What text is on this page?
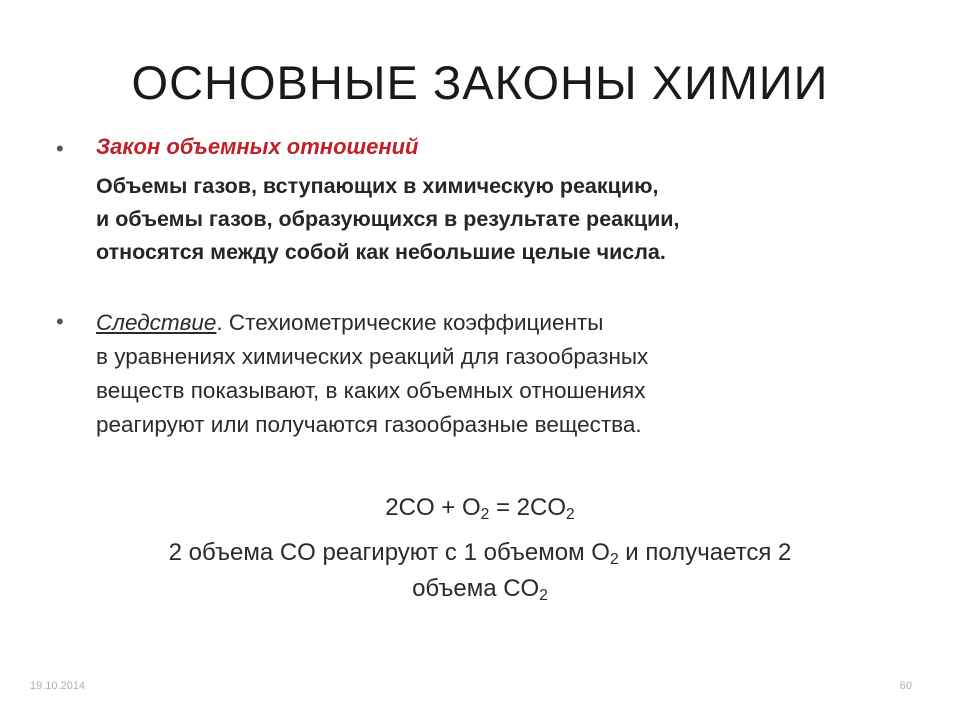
ОСНОВНЫЕ ЗАКОНЫ ХИМИИ
• Закон объемных отношений
Объемы газов, вступающих в химическую реакцию,
и объемы газов, образующихся в результате реакции,
относятся между собой как небольшие целые числа.
• Следствие. Стехиометрические коэффициенты
в уравнениях химических реакций для газообразных
веществ показывают, в каких объемных отношениях
реагируют или получаются газообразные вещества.
$2CO + O_2 = 2CO_2$
2 объема CO реагируют с 1 объемом $O_2$ и получается 2
объема $CO_2$
19.10.2014	60
